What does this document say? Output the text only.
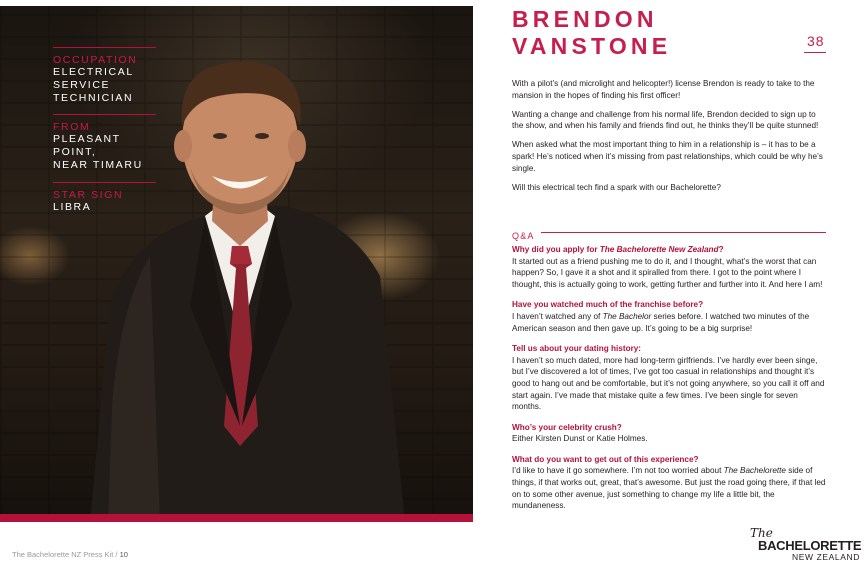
OCCUPATION
ELECTRICAL
SERVICE
TECHNICIAN
FROM
PLEASANT POINT,
NEAR TIMARU
STAR SIGN
LIBRA
BRENDON
VANSTONE	38

With a pilot’s (and microlight and helicopter!) license Brendon is ready to take to the mansion in the hopes of finding his first officer!

Wanting a change and challenge from his normal life, Brendon decided to sign up to the show, and when his family and friends find out, he thinks they’ll be quite stunned!

When asked what the most important thing to him in a relationship is – it has to be a spark! He’s noticed when it’s missing from past relationships, which could be why he’s single.

Will this electrical tech find a spark with our Bachelorette?

Q&A
Why did you apply for The Bachelorette New Zealand?
It started out as a friend pushing me to do it, and I thought, what’s the worst that can happen? So, I gave it a shot and it spiralled from there. I got to the point where I thought, this is actually going to work, getting further and further into it. And here I am!
Have you watched much of the franchise before?
I haven’t watched any of The Bachelor series before. I watched two minutes of the American season and then gave up. It’s going to be a big surprise!
Tell us about your dating history:
I haven’t so much dated, more had long-term girlfriends. I’ve hardly ever been singe, but I’ve discovered a lot of times, I’ve got too casual in relationships and thought it’s good to hang out and be comfortable, but it’s not going anywhere, so you call it off and start again. I’ve made that mistake quite a few times. I’ve been single for seven months.
Who’s your celebrity crush?
Either Kirsten Dunst or Katie Holmes.
What do you want to get out of this experience?
I’d like to have it go somewhere. I’m not too worried about The Bachelorette side of things, if that works out, great, that’s awesome. But just the road going there, if that led on to some other avenue, just something to change my life a little bit, the mundaneness.
The Bachelorette NZ Press Kit / 10
The
BACHELORETTE
NEW ZEALAND
